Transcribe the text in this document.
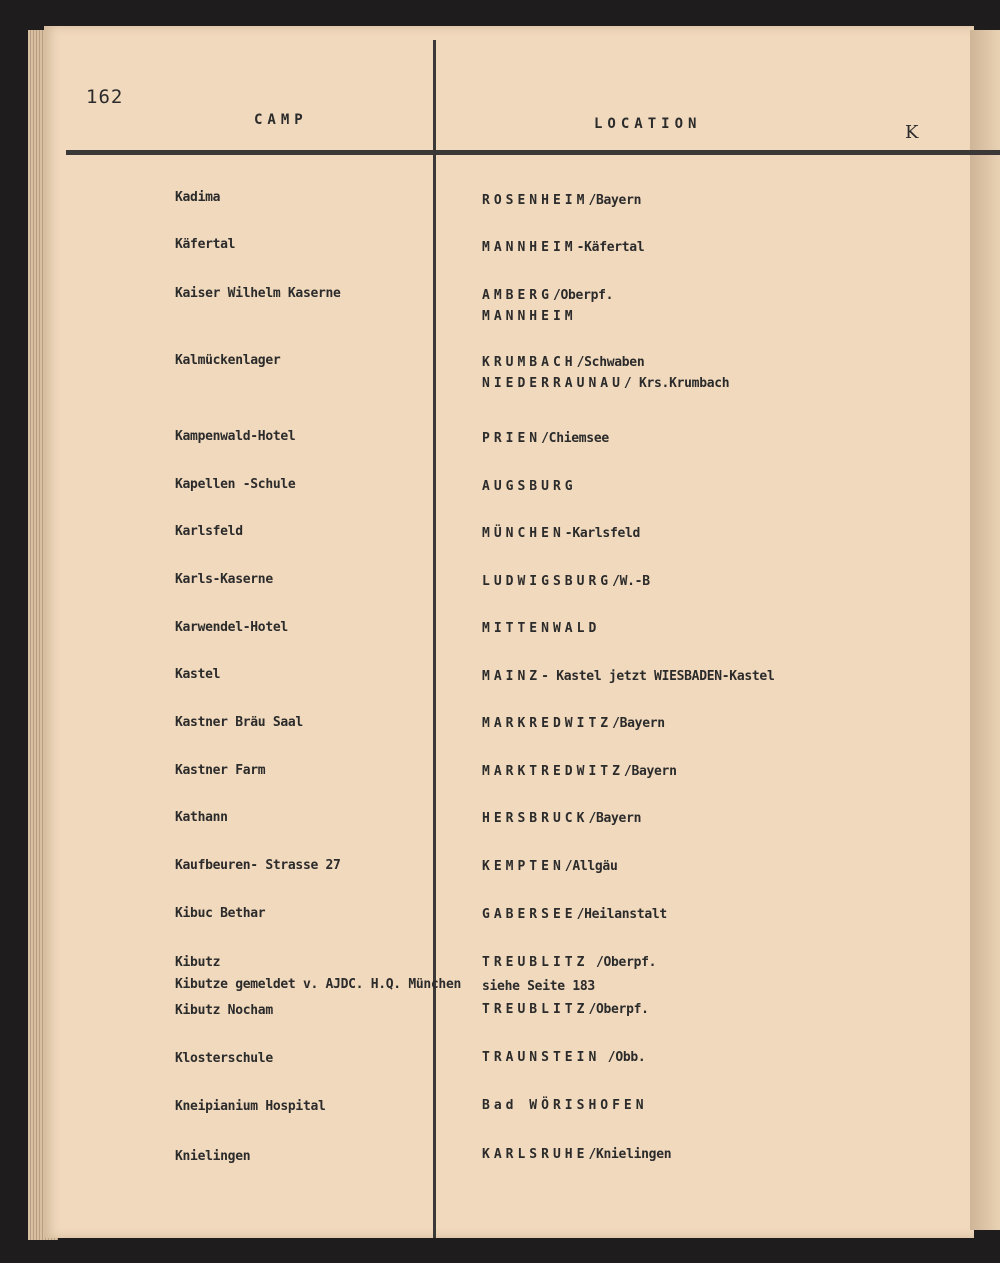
162
CAMP	LOCATION	K
Kadima
Käfertal
Kaiser Wilhelm Kaserne
Kalmückenlager
Kampenwald-Hotel
Kapellen -Schule
Karlsfeld
Karls-Kaserne
Karwendel-Hotel
Kastel
Kastner Bräu Saal
Kastner Farm
Kathann
Kaufbeuren- Strasse 27
Kibuc Bethar
Kibutz
Kibutze gemeldet v. AJDC. H.Q. München
Kibutz Nocham
Klosterschule
Kneipianium Hospital
Knielingen
ROSENHEIM/Bayern
MANNHEIM-Käfertal
AMBERG/Oberpf.
MANNHEIM
KRUMBACH/Schwaben
NIEDERRAUNAU/ Krs.Krumbach
PRIEN/Chiemsee
AUGSBURG
MÜNCHEN-Karlsfeld
LUDWIGSBURG/W.-B
MITTENWALD
MAINZ- Kastel jetzt WIESBADEN-Kastel
MARKREDWITZ/Bayern
MARKTREDWITZ/Bayern
HERSBRUCK/Bayern
KEMPTEN/Allgäu
GABERSEE/Heilanstalt
TREUBLITZ /Oberpf.
siehe Seite 183
TREUBLITZ/Oberpf.
TRAUNSTEIN /Obb.
Bad WÖRISHOFEN
KARLSRUHE/Knielingen
